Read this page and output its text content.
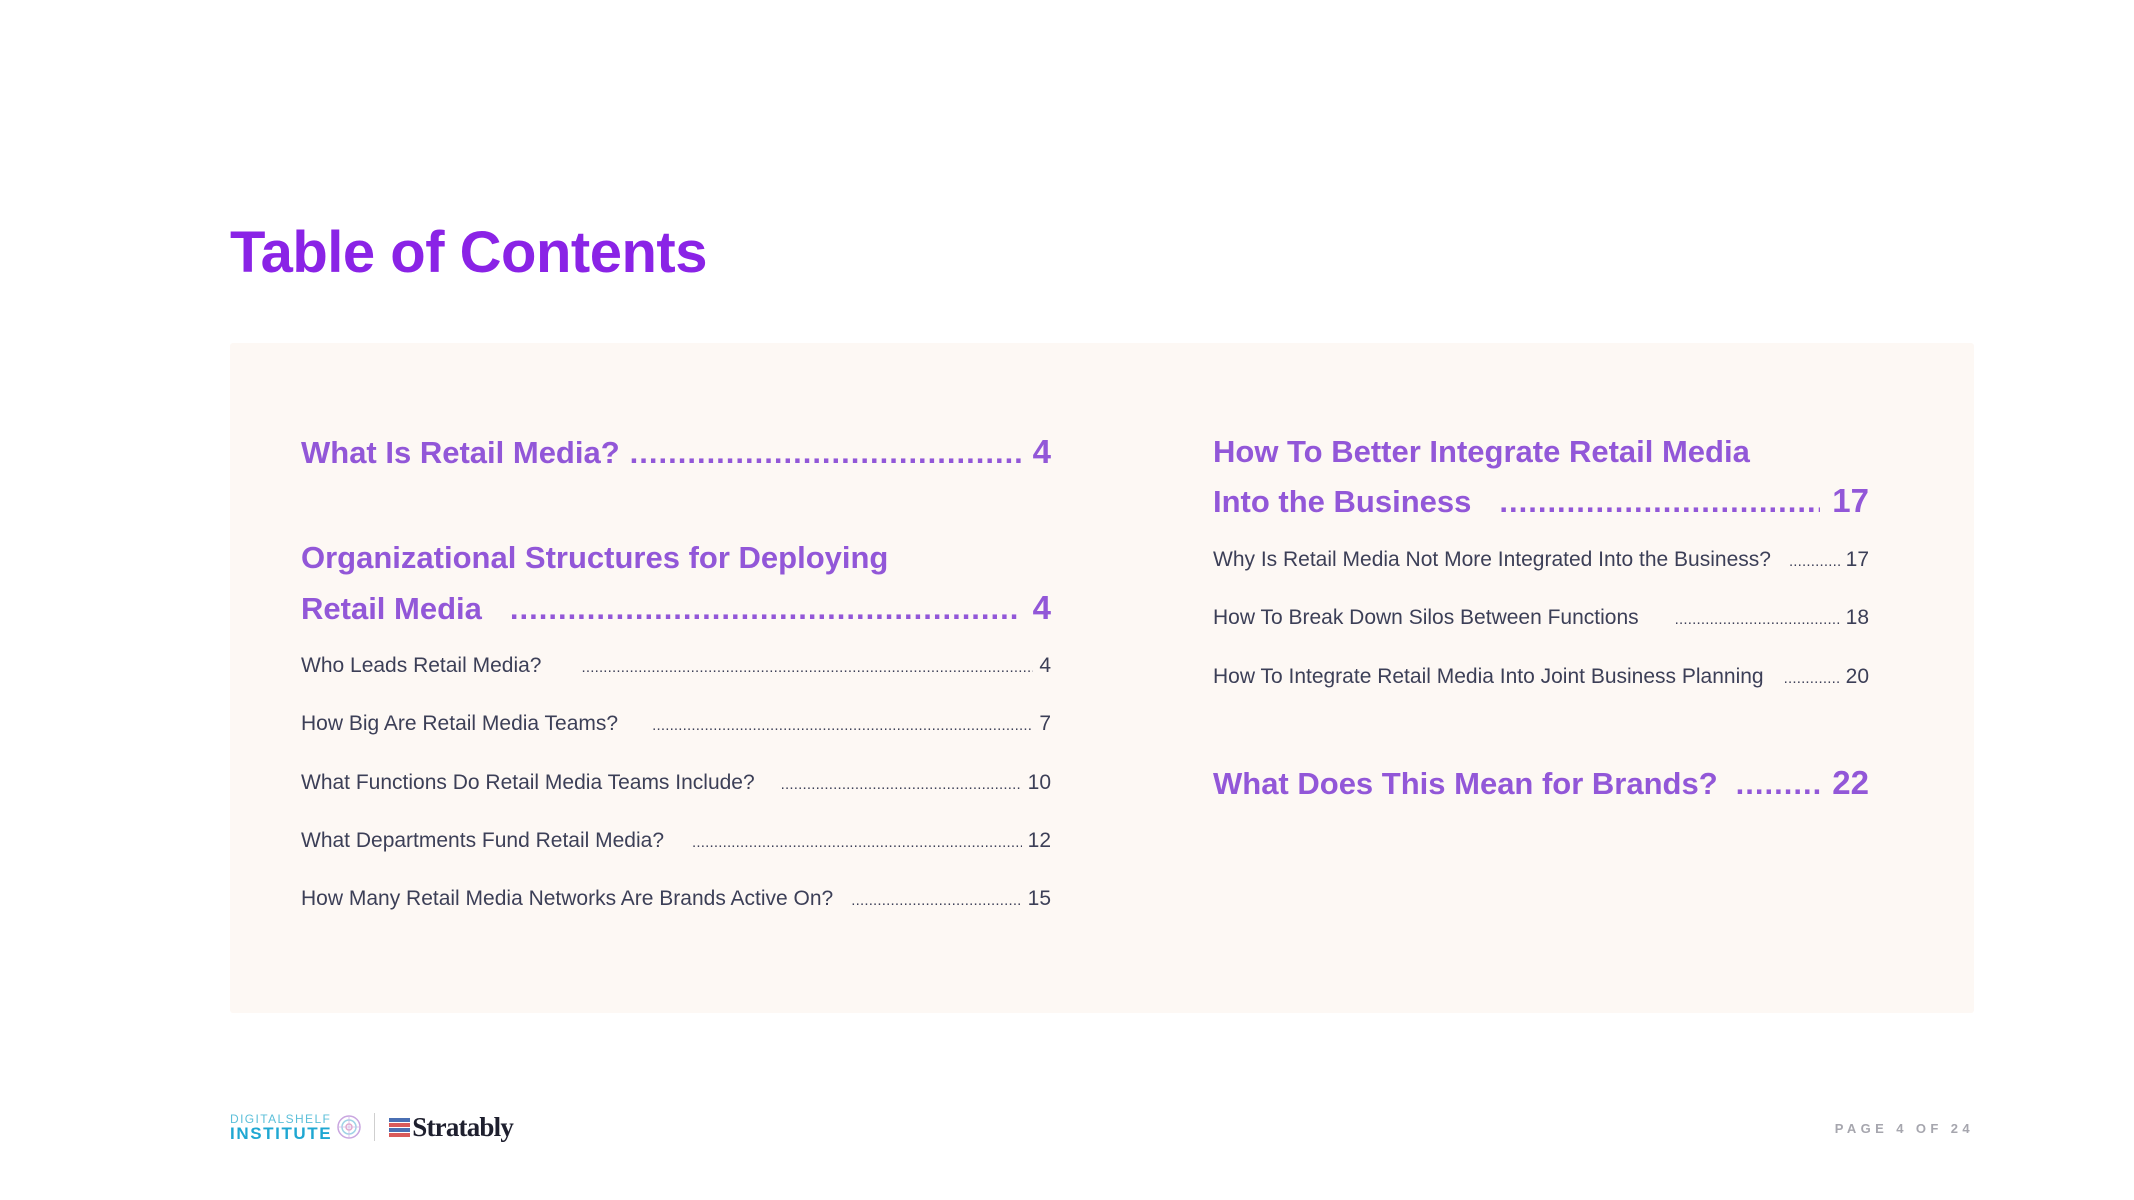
Table of Contents
What Is Retail Media? .....	4
Organizational Structures for Deploying
Retail Media .....	4
Who Leads Retail Media? .....	4
How Big Are Retail Media Teams? .....	7
What Functions Do Retail Media Teams Include? .....	10
What Departments Fund Retail Media? .....	12
How Many Retail Media Networks Are Brands Active On? .....	15
How To Better Integrate Retail Media
Into the Business .....	17
Why Is Retail Media Not More Integrated Into the Business? .....	17
How To Break Down Silos Between Functions .....	18
How To Integrate Retail Media Into Joint Business Planning .....	20
What Does This Mean for Brands? .....	22
DIGITALSHELF
INSTITUTE	Stratably	PAGE 4 OF 24
